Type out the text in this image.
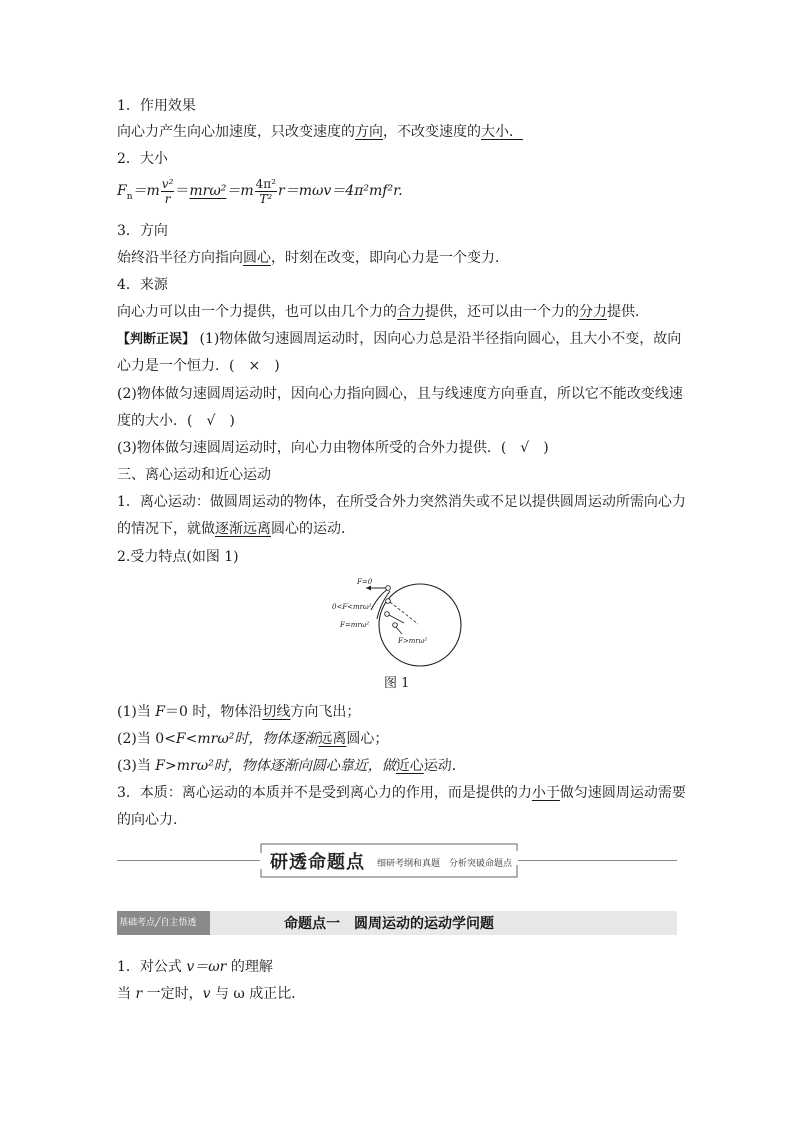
1．作用效果
向心力产生向心加速度，只改变速度的方向，不改变速度的大小．
2．大小
$F_n=m \frac{\text{v²}}{r} =mr\omega^2=m \frac{\text{4π²}}{\text{T²}} r=m\omega v=4\pi^2mf^2r$.
3．方向
始终沿半径方向指向圆心，时刻在改变，即向心力是一个变力．
4．来源
向心力可以由一个力提供，也可以由几个力的合力提供，还可以由一个力的分力提供．
【判断正误】 (1)物体做匀速圆周运动时，因向心力总是沿半径指向圆心，且大小不变，故向
心力是一个恒力．(　×　)
(2)物体做匀速圆周运动时，因向心力指向圆心，且与线速度方向垂直，所以它不能改变线速
度的大小．(　√　)
(3)物体做匀速圆周运动时，向心力由物体所受的合外力提供．(　√　)
三、离心运动和近心运动
1．离心运动：做圆周运动的物体，在所受合外力突然消失或不足以提供圆周运动所需向心力
的情况下，就做逐渐远离圆心的运动．
2.受力特点(如图 1)
F=0
0<F<mrω²
F=mrω²
F>mrω²
图 1
(1)当 F＝0 时，物体沿切线方向飞出；
(2)当 0<F<mrω²时，物体逐渐远离圆心；
(3)当 F>mrω²时，物体逐渐向圆心靠近，做近心运动．
3．本质：离心运动的本质并不是受到离心力的作用，而是提供的力小于做匀速圆周运动需要
的向心力.
研透命题点 细研考纲和真题　分析突破命题点
基础考点╱自主悟透	命题点一　圆周运动的运动学问题
1．对公式 v＝ωr 的理解
当 r 一定时，v 与 ω 成正比．
